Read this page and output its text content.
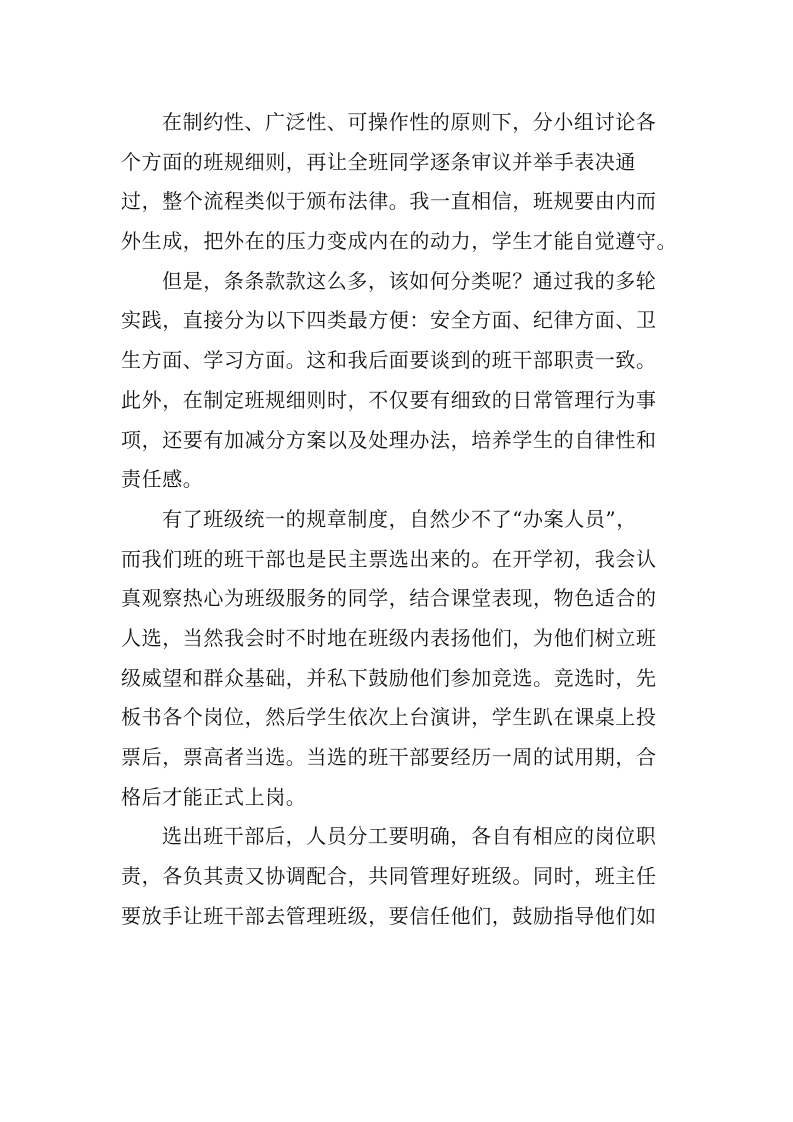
在制约性、广泛性、可操作性的原则下，分小组讨论各
个方面的班规细则，再让全班同学逐条审议并举手表决通
过，整个流程类似于颁布法律。我一直相信，班规要由内而
外生成，把外在的压力变成内在的动力，学生才能自觉遵守。
但是，条条款款这么多，该如何分类呢？通过我的多轮
实践，直接分为以下四类最方便：安全方面、纪律方面、卫
生方面、学习方面。这和我后面要谈到的班干部职责一致。
此外，在制定班规细则时，不仅要有细致的日常管理行为事
项，还要有加减分方案以及处理办法，培养学生的自律性和
责任感。
有了班级统一的规章制度，自然少不了“办案人员”，
而我们班的班干部也是民主票选出来的。在开学初，我会认
真观察热心为班级服务的同学，结合课堂表现，物色适合的
人选，当然我会时不时地在班级内表扬他们，为他们树立班
级威望和群众基础，并私下鼓励他们参加竞选。竞选时，先
板书各个岗位，然后学生依次上台演讲，学生趴在课桌上投
票后，票高者当选。当选的班干部要经历一周的试用期，合
格后才能正式上岗。
选出班干部后，人员分工要明确，各自有相应的岗位职
责，各负其责又协调配合，共同管理好班级。同时，班主任
要放手让班干部去管理班级，要信任他们，鼓励指导他们如
